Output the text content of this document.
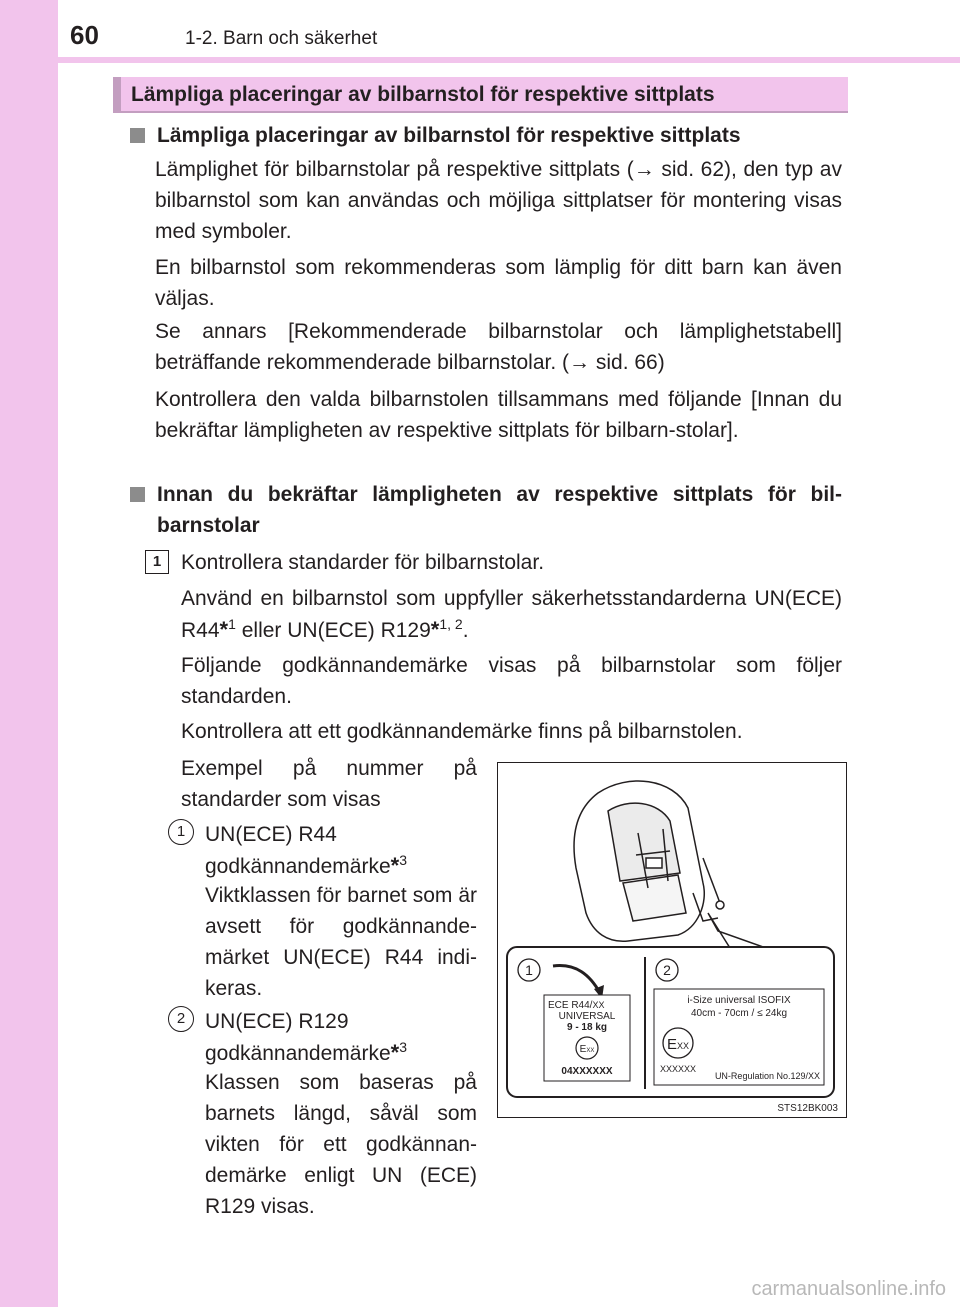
60	1-2. Barn och säkerhet
Lämpliga placeringar av bilbarnstol för respektive sittplats

Lämpliga placeringar av bilbarnstol för respektive sittplats

Lämplighet för bilbarnstolar på respektive sittplats (→ sid. 62), den typ av bilbarnstol som kan användas och möjliga sittplatser för montering visas med symboler.

En bilbarnstol som rekommenderas som lämplig för ditt barn kan även väljas.

Se annars [Rekommenderade bilbarnstolar och lämplighetstabell] beträffande rekommenderade bilbarnstolar. (→ sid. 66)

Kontrollera den valda bilbarnstolen tillsammans med följande [Innan du bekräftar lämpligheten av respektive sittplats för bilbarn-stolar].

Innan du bekräftar lämpligheten av respektive sittplats för bil-barnstolar

1 Kontrollera standarder för bilbarnstolar.

Använd en bilbarnstol som uppfyller säkerhetsstandarderna UN(ECE) R44*$^1$ eller UN(ECE) R129*$^{1, 2}$.

Följande godkännandemärke visas på bilbarnstolar som följer standarden.

Kontrollera att ett godkännandemärke finns på bilbarnstolen.

Exempel på nummer på standarder som visas

1 UN(ECE) R44 godkännandemärke*$^3$

Viktklassen för barnet som är avsett för godkännande-märket UN(ECE) R44 indi-keras.

2 UN(ECE) R129 godkännandemärke*$^3$

Klassen som baseras på barnets längd, såväl som vikten för ett godkännan-demärke enligt UN (ECE) R129 visas.

1	2
ECE R44/XX
UNIVERSAL
9 - 18 kg
EXX
04XXXXXX
i-Size universal ISOFIX
40cm - 70cm / ≤ 24kg
EXX
XXXXXX
UN-Regulation No.129/XX
STS12BK003
carmanualsonline.info
